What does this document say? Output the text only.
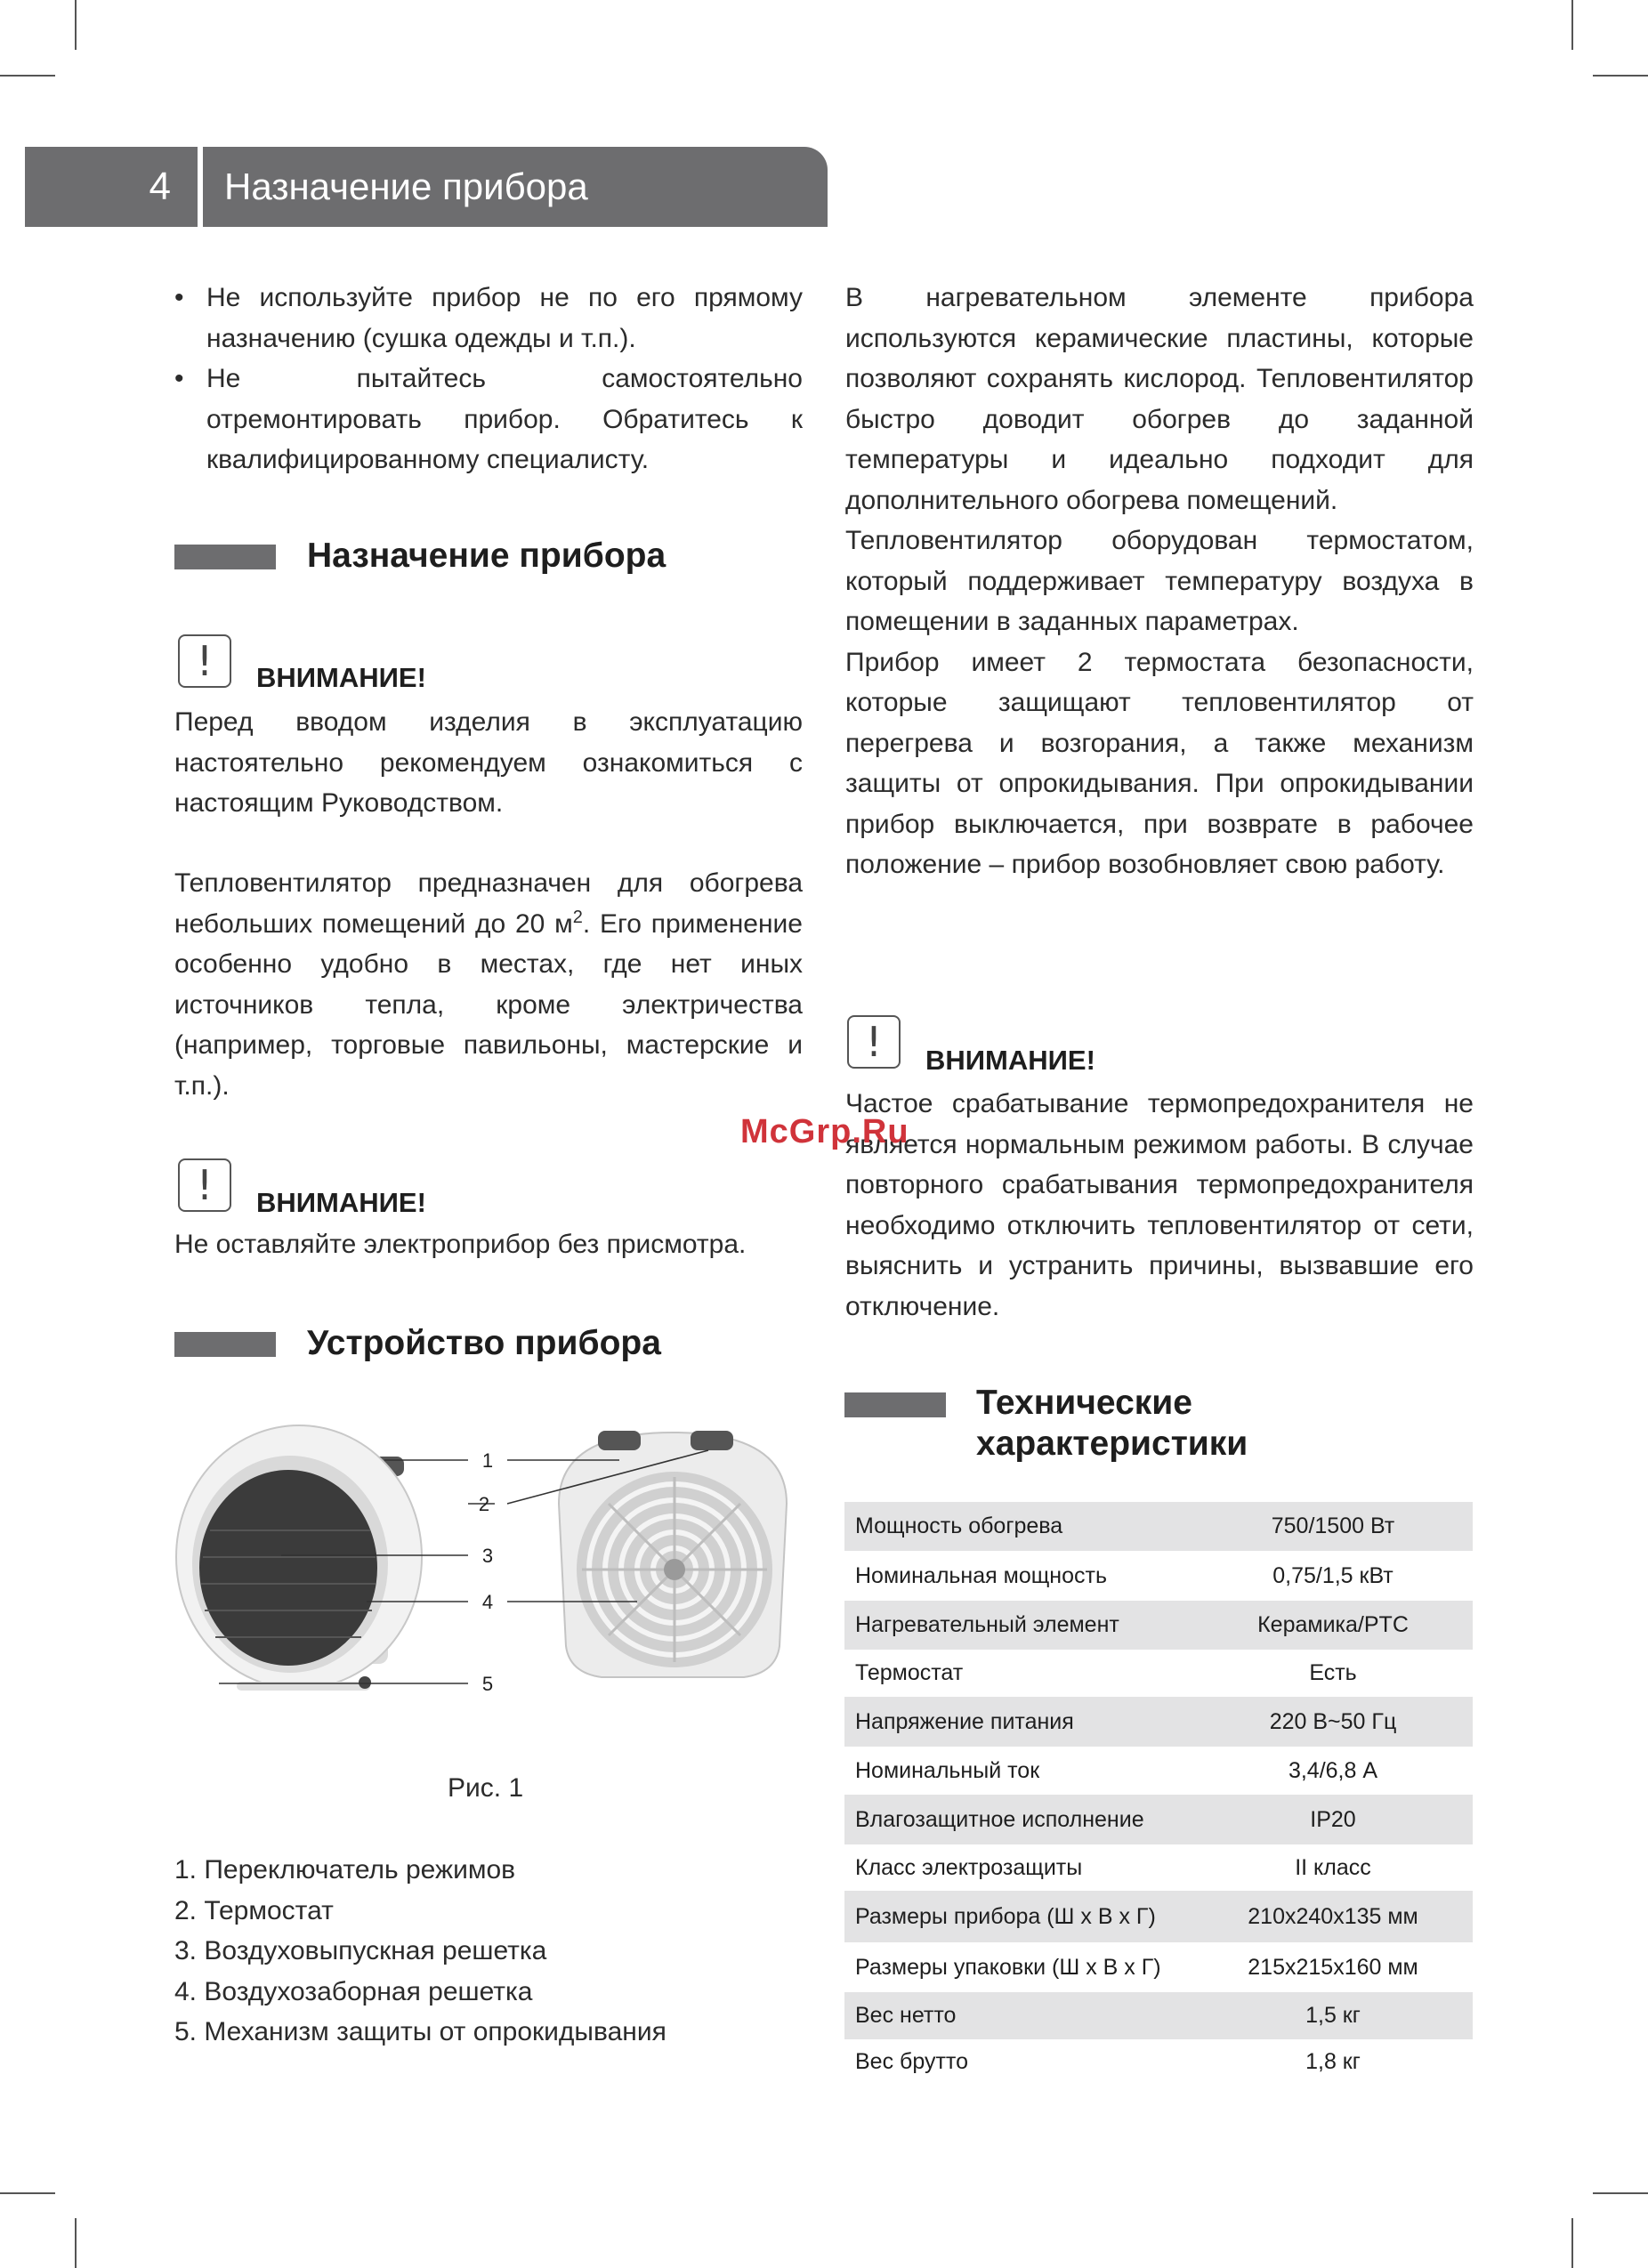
4	Назначение прибора
• Не используйте прибор не по его прямому назначению (сушка одежды и т.п.).
• Не пытайтесь самостоятельно отремонтировать прибор. Обратитесь к квалифицированному специалисту.
Назначение прибора
!	ВНИМАНИЕ!

Перед вводом изделия в эксплуатацию настоятельно рекомендуем ознакомиться с настоящим Руководством.

Тепловентилятор предназначен для обогрева небольших помещений до 20 $м^2$. Его применение особенно удобно в местах, где нет иных источников тепла, кроме электричества (например, торговые павильоны, мастерские и т.п.).

!	ВНИМАНИЕ!

Не оставляйте электроприбор без присмотра.

Устройство прибора
1
2
3
4
5
Рис. 1
1. Переключатель режимов
2. Термостат
3. Воздуховыпускная решетка
4. Воздухозаборная решетка
5. Механизм защиты от опрокидывания

В нагревательном элементе прибора используются керамические пластины, которые позволяют сохранять кислород. Тепловентилятор быстро доводит обогрев до заданной температуры и идеально подходит для дополнительного обогрева помещений.

Тепловентилятор оборудован термостатом, который поддерживает температуру воздуха в помещении в заданных параметрах.

Прибор имеет 2 термостата безопасности, которые защищают тепловентилятор от перегрева и возгорания, а также механизм защиты от опрокидывания. При опрокидывании прибор выключается, при возврате в рабочее положение – прибор возобновляет свою работу.

!	ВНИМАНИЕ!

Частое срабатывание термопредохранителя не является нормальным режимом работы. В случае повторного срабатывания термопредохранителя необходимо отключить тепловентилятор от сети, выяснить и устранить причины, вызвавшие его отключение.

McGrp.Ru
Технические
характеристики
Мощность обогрева	750/1500 Вт
Номинальная мощность	0,75/1,5 кВт
Нагревательный элемент	Керамика/PTC
Термостат	Есть
Напряжение питания	220 В~50 Гц
Номинальный ток	3,4/6,8 А
Влагозащитное исполнение	IP20
Класс электрозащиты	II класс
Размеры прибора (Ш х В х Г)	210х240х135 мм
Размеры упаковки (Ш х В х Г)	215х215х160 мм
Вес нетто	1,5 кг
Вес брутто	1,8 кг
